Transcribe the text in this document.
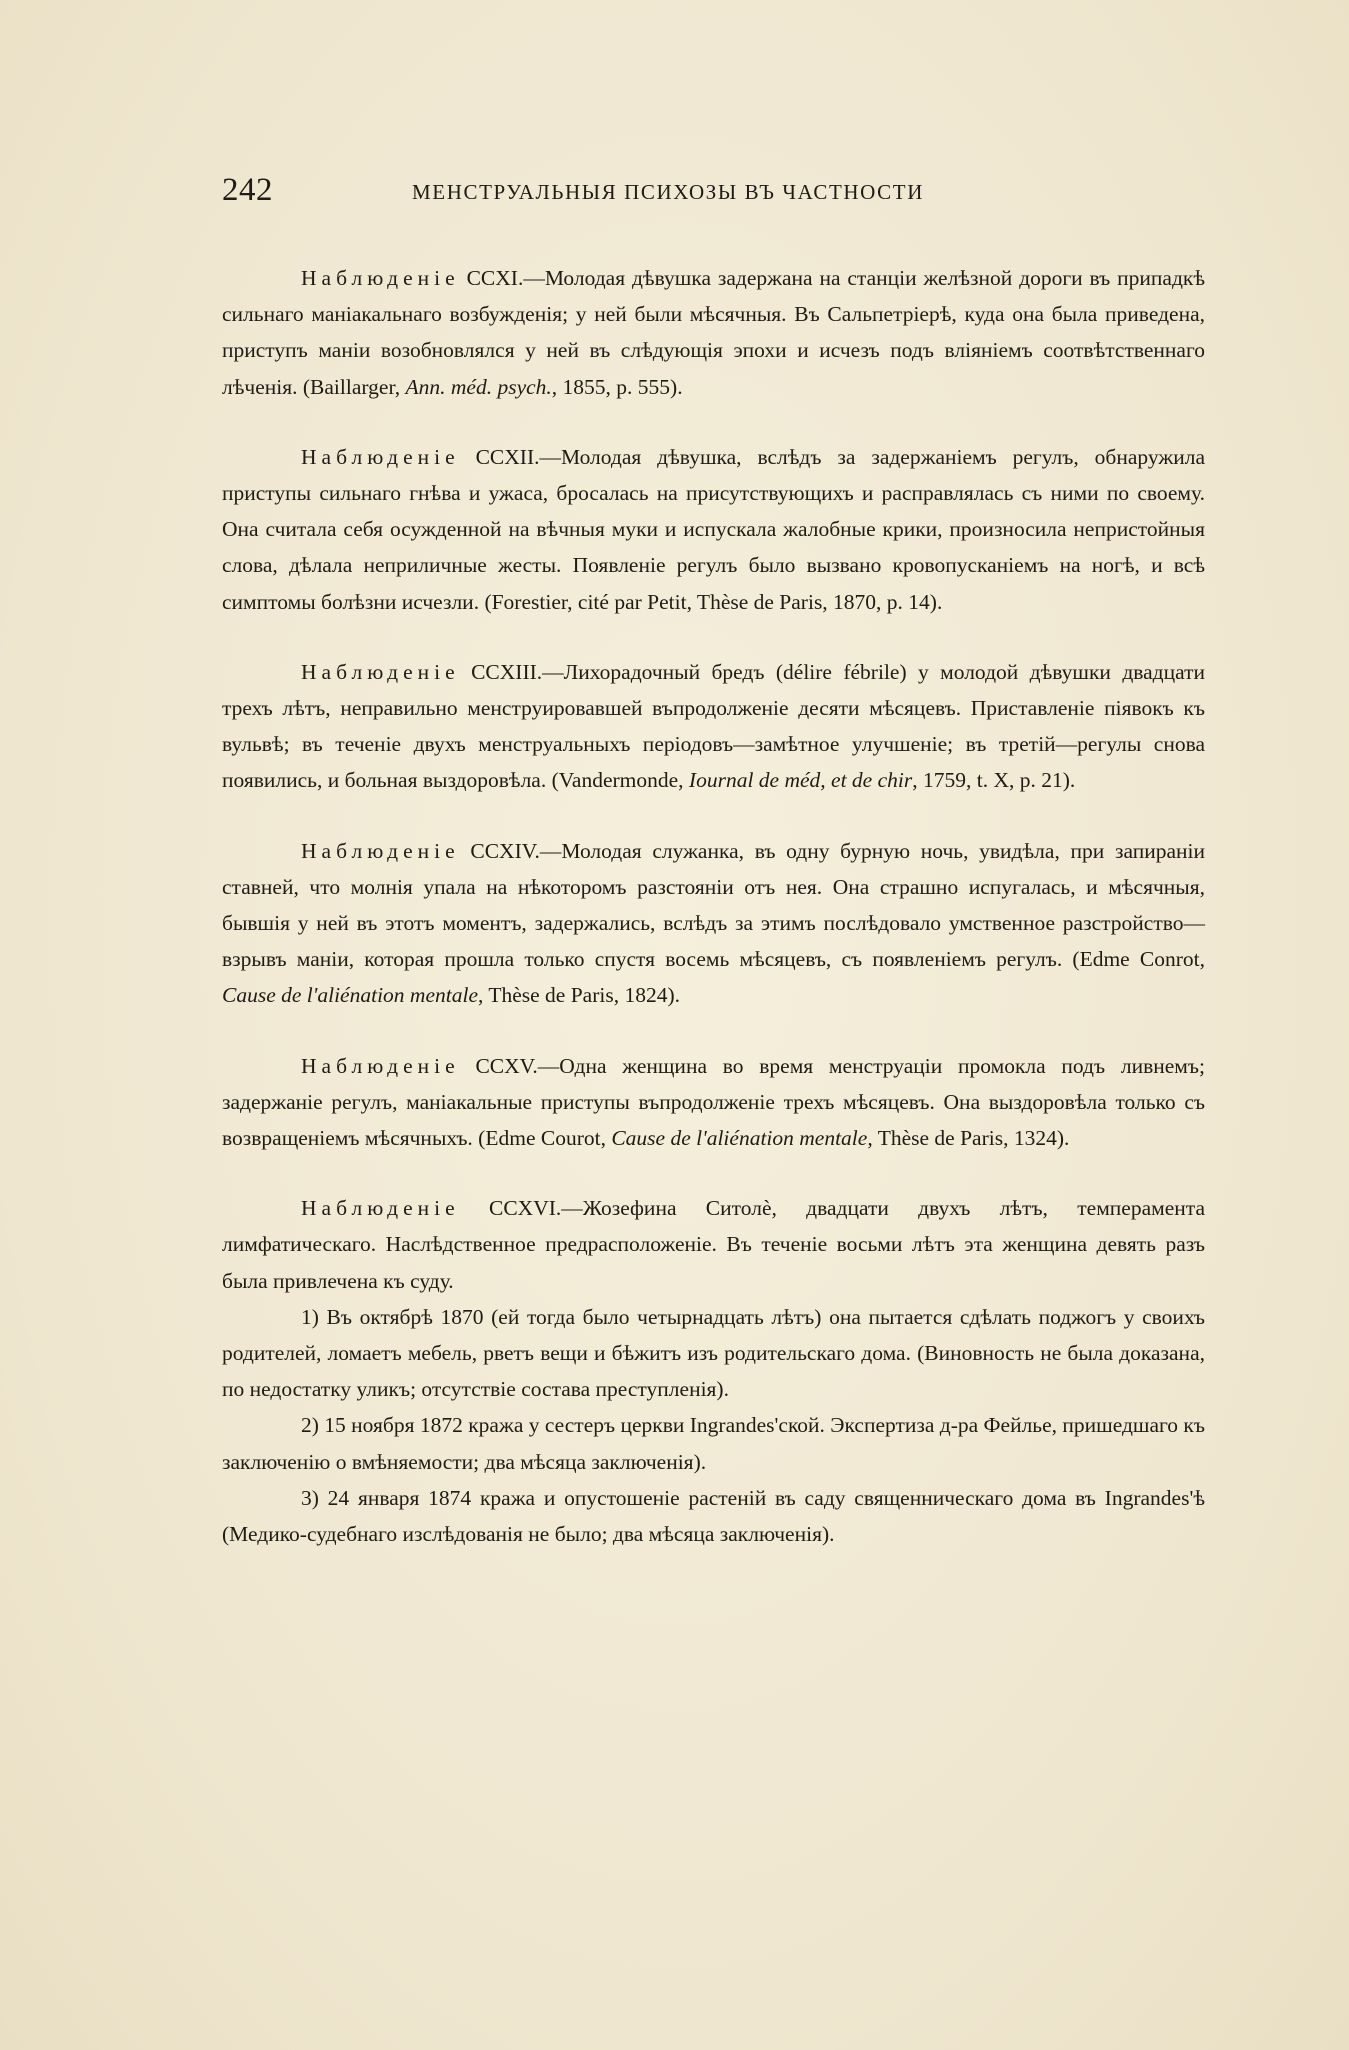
242	МЕНСТРУАЛЬНЫЯ ПСИХОЗЫ ВЪ ЧАСТНОСТИ

Наблюденіе CCXI.—Молодая дѣвушка задержана на станціи желѣзной дороги въ припадкѣ сильнаго маніакальнаго возбужденія; у ней были мѣсячныя. Въ Сальпетріерѣ, куда она была приведена, приступъ маніи возобновлялся у ней въ слѣдующія эпохи и исчезъ подъ вліяніемъ соотвѣтственнаго лѣченія. (Baillarger, Ann. méd. psych., 1855, p. 555).

Наблюденіе CCXII.—Молодая дѣвушка, вслѣдъ за задержаніемъ регулъ, обнаружила приступы сильнаго гнѣва и ужаса, бросалась на присутствующихъ и расправлялась съ ними по своему. Она считала себя осужденной на вѣчныя муки и испускала жалобные крики, произносила непристойныя слова, дѣлала неприличные жесты. Появленіе регулъ было вызвано кровопусканіемъ на ногѣ, и всѣ симптомы болѣзни исчезли. (Forestier, cité par Petit, Thèse de Paris, 1870, p. 14).

Наблюденіе CCXIII.—Лихорадочный бредъ (délire fébrile) у молодой дѣвушки двадцати трехъ лѣтъ, неправильно менструировавшей въпродолженіе десяти мѣсяцевъ. Приставленіе піявокъ къ вульвѣ; въ теченіе двухъ менструальныхъ періодовъ—замѣтное улучшеніе; въ третій—регулы снова появились, и больная выздоровѣла. (Vandermonde, Iournal de méd, et de chir, 1759, t. X, p. 21).

Наблюденіе CCXIV.—Молодая служанка, въ одну бурную ночь, увидѣла, при запираніи ставней, что молнія упала на нѣкоторомъ разстояніи отъ нея. Она страшно испугалась, и мѣсячныя, бывшія у ней въ этотъ моментъ, задержались, вслѣдъ за этимъ послѣдовало умственное разстройство—взрывъ маніи, которая прошла только спустя восемь мѣсяцевъ, съ появленіемъ регулъ. (Edme Conrot, Cause de l'aliénation mentale, Thèse de Paris, 1824).

Наблюденіе CCXV.—Одна женщина во время менструаціи промокла подъ ливнемъ; задержаніе регулъ, маніакальные приступы въпродолженіе трехъ мѣсяцевъ. Она выздоровѣла только съ возвращеніемъ мѣсячныхъ. (Edme Courot, Cause de l'aliénation mentale, Thèse de Paris, 1324).

Наблюденіе CCXVI.—Жозефина Ситолè, двадцати двухъ лѣтъ, темперамента лимфатическаго. Наслѣдственное предрасположеніе. Въ теченіе восьми лѣтъ эта женщина девять разъ была привлечена къ суду.

1) Въ октябрѣ 1870 (ей тогда было четырнадцать лѣтъ) она пытается сдѣлать поджогъ у своихъ родителей, ломаетъ мебель, рветъ вещи и бѣжитъ изъ родительскаго дома. (Виновность не была доказана, по недостатку уликъ; отсутствіе состава преступленія).

2) 15 ноября 1872 кража у сестеръ церкви Ingrandes'ской. Экспертиза д-ра Фейлье, пришедшаго къ заключенію о вмѣняемости; два мѣсяца заключенія).

3) 24 января 1874 кража и опустошеніе растеній въ саду священническаго дома въ Ingrandes'ѣ (Медико-судебнаго изслѣдованія не было; два мѣсяца заключенія).
